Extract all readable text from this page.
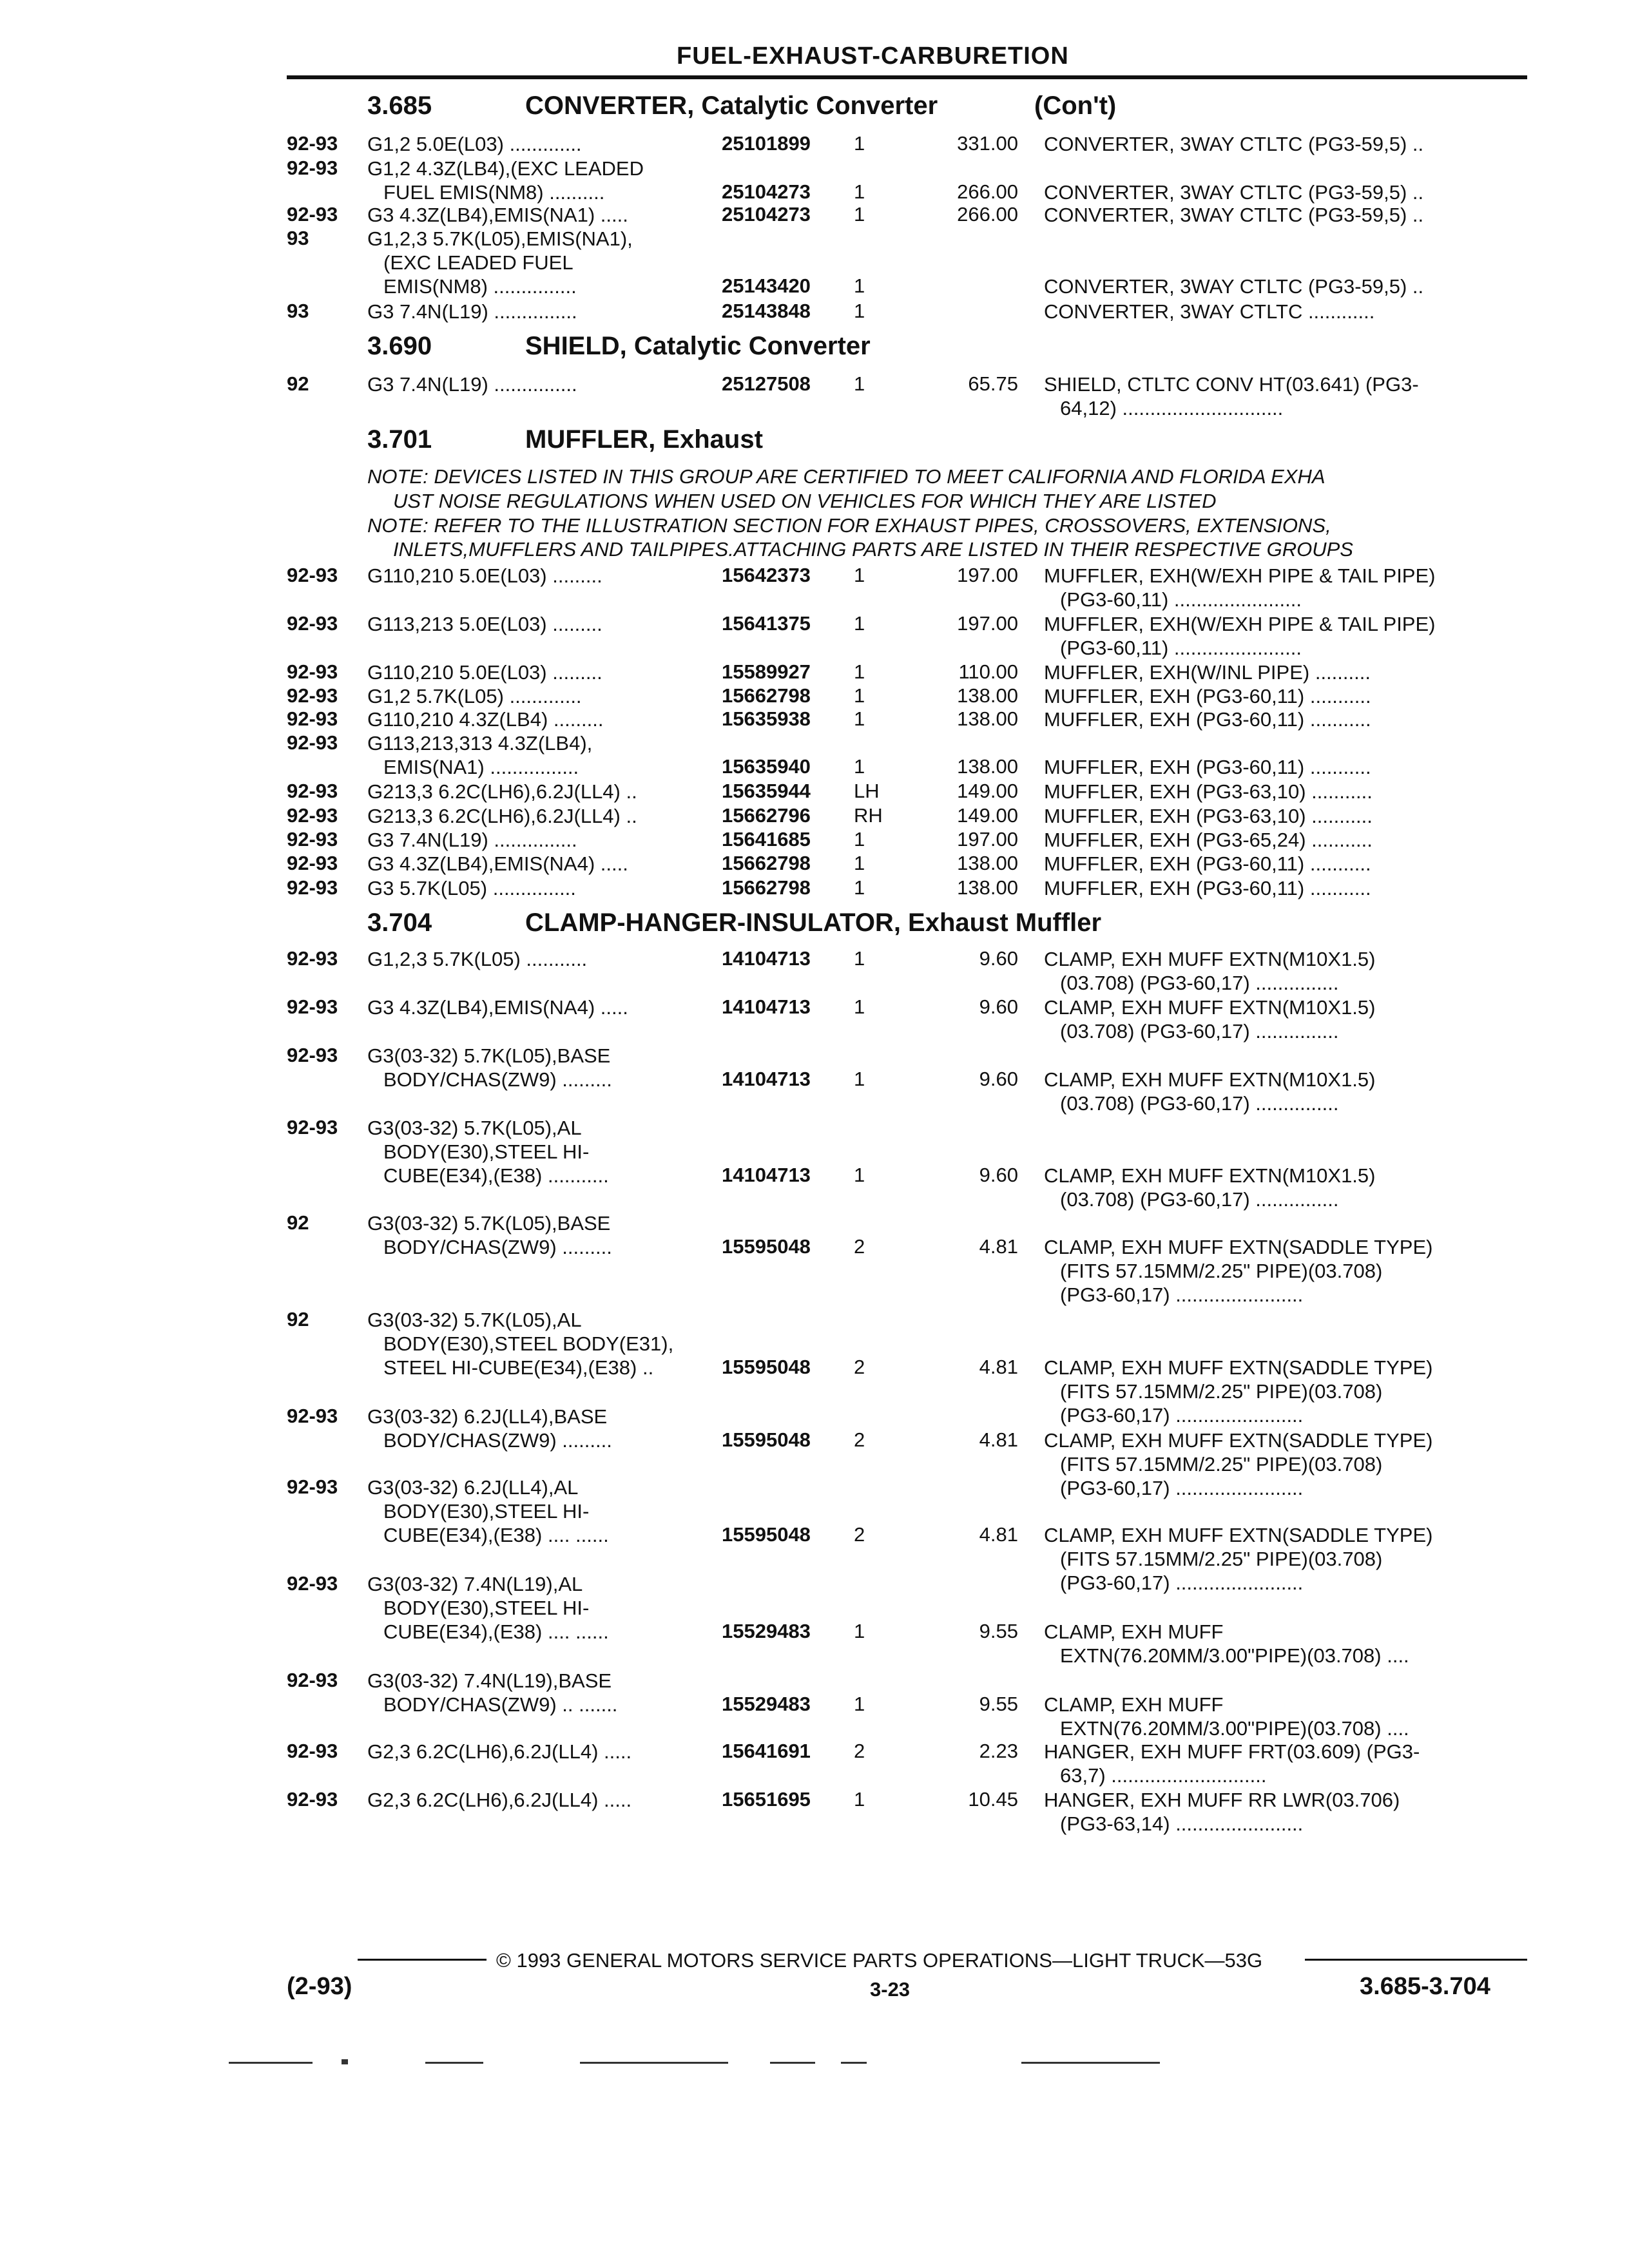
FUEL-EXHAUST-CARBURETION
3.685	CONVERTER, Catalytic Converter	(Con't)
92-93 G1,2 5.0E(L03) .............	25101899 1	331.00 CONVERTER, 3WAY CTLTC (PG3-59,5) ..
92-93 G1,2 4.3Z(LB4),(EXC LEADED
FUEL EMIS(NM8) ..........	25104273 1	266.00 CONVERTER, 3WAY CTLTC (PG3-59,5) ..
92-93 G3 4.3Z(LB4),EMIS(NA1) .....	25104273 1	266.00 CONVERTER, 3WAY CTLTC (PG3-59,5) ..
93	G1,2,3 5.7K(L05),EMIS(NA1),
(EXC LEADED FUEL
EMIS(NM8) ...............	25143420 1	CONVERTER, 3WAY CTLTC (PG3-59,5) ..
93	G3 7.4N(L19) ...............	25143848 1	CONVERTER, 3WAY CTLTC ............
3.690	SHIELD, Catalytic Converter
92	G3 7.4N(L19) ...............	25127508 1	65.75 SHIELD, CTLTC CONV HT(03.641) (PG3-
64,12) .............................
3.701	MUFFLER, Exhaust
NOTE: DEVICES LISTED IN THIS GROUP ARE CERTIFIED TO MEET CALIFORNIA AND FLORIDA EXHA
UST NOISE REGULATIONS WHEN USED ON VEHICLES FOR WHICH THEY ARE LISTED
NOTE: REFER TO THE ILLUSTRATION SECTION FOR EXHAUST PIPES, CROSSOVERS, EXTENSIONS,
INLETS,MUFFLERS AND TAILPIPES.ATTACHING PARTS ARE LISTED IN THEIR RESPECTIVE GROUPS
92-93 G110,210 5.0E(L03) .........	15642373 1	197.00 MUFFLER, EXH(W/EXH PIPE & TAIL PIPE)
(PG3-60,11) .......................
92-93 G113,213 5.0E(L03) .........	15641375 1	197.00 MUFFLER, EXH(W/EXH PIPE & TAIL PIPE)
(PG3-60,11) .......................
92-93 G110,210 5.0E(L03) .........	15589927 1	110.00 MUFFLER, EXH(W/INL PIPE) ..........
92-93 G1,2 5.7K(L05) .............	15662798 1	138.00 MUFFLER, EXH (PG3-60,11) ...........
92-93 G110,210 4.3Z(LB4) .........	15635938 1	138.00 MUFFLER, EXH (PG3-60,11) ...........
92-93 G113,213,313 4.3Z(LB4),
EMIS(NA1) ................	15635940 1	138.00 MUFFLER, EXH (PG3-60,11) ...........
92-93 G213,3 6.2C(LH6),6.2J(LL4) ..	15635944 LH	149.00 MUFFLER, EXH (PG3-63,10) ...........
92-93 G213,3 6.2C(LH6),6.2J(LL4) ..	15662796 RH	149.00 MUFFLER, EXH (PG3-63,10) ...........
92-93 G3 7.4N(L19) ...............	15641685 1	197.00 MUFFLER, EXH (PG3-65,24) ...........
92-93 G3 4.3Z(LB4),EMIS(NA4) .....	15662798 1	138.00 MUFFLER, EXH (PG3-60,11) ...........
92-93 G3 5.7K(L05) ...............	15662798 1	138.00 MUFFLER, EXH (PG3-60,11) ...........
3.704	CLAMP-HANGER-INSULATOR, Exhaust Muffler
92-93 G1,2,3 5.7K(L05) ...........	14104713 1	9.60 CLAMP, EXH MUFF EXTN(M10X1.5)
(03.708) (PG3-60,17) ...............
92-93 G3 4.3Z(LB4),EMIS(NA4) .....	14104713 1	9.60 CLAMP, EXH MUFF EXTN(M10X1.5)
(03.708) (PG3-60,17) ...............
92-93 G3(03-32) 5.7K(L05),BASE
BODY/CHAS(ZW9) .........	14104713 1	9.60 CLAMP, EXH MUFF EXTN(M10X1.5)
(03.708) (PG3-60,17) ...............
92-93 G3(03-32) 5.7K(L05),AL
BODY(E30),STEEL HI-
CUBE(E34),(E38) ...........	14104713 1	9.60 CLAMP, EXH MUFF EXTN(M10X1.5)
(03.708) (PG3-60,17) ...............
92	G3(03-32) 5.7K(L05),BASE
BODY/CHAS(ZW9) .........	15595048 2	4.81 CLAMP, EXH MUFF EXTN(SADDLE TYPE)
(FITS 57.15MM/2.25" PIPE)(03.708)
(PG3-60,17) .......................
92	G3(03-32) 5.7K(L05),AL
BODY(E30),STEEL BODY(E31),
STEEL HI-CUBE(E34),(E38) ..	15595048 2	4.81 CLAMP, EXH MUFF EXTN(SADDLE TYPE)
(FITS 57.15MM/2.25" PIPE)(03.708)
(PG3-60,17) .......................
92-93 G3(03-32) 6.2J(LL4),BASE
BODY/CHAS(ZW9) .........	15595048 2	4.81 CLAMP, EXH MUFF EXTN(SADDLE TYPE)
(FITS 57.15MM/2.25" PIPE)(03.708)
(PG3-60,17) .......................
92-93 G3(03-32) 6.2J(LL4),AL
BODY(E30),STEEL HI-
CUBE(E34),(E38) .... ......	15595048 2	4.81 CLAMP, EXH MUFF EXTN(SADDLE TYPE)
(FITS 57.15MM/2.25" PIPE)(03.708)
(PG3-60,17) .......................
92-93 G3(03-32) 7.4N(L19),AL
BODY(E30),STEEL HI-
CUBE(E34),(E38) .... ......	15529483 1	9.55 CLAMP, EXH MUFF
EXTN(76.20MM/3.00"PIPE)(03.708) ....
92-93 G3(03-32) 7.4N(L19),BASE
BODY/CHAS(ZW9) .. .......	15529483 1	9.55 CLAMP, EXH MUFF
EXTN(76.20MM/3.00"PIPE)(03.708) ....
92-93 G2,3 6.2C(LH6),6.2J(LL4) .....	15641691 2	2.23 HANGER, EXH MUFF FRT(03.609) (PG3-
63,7) ............................
92-93 G2,3 6.2C(LH6),6.2J(LL4) .....	15651695 1	10.45 HANGER, EXH MUFF RR LWR(03.706)
(PG3-63,14) .......................
© 1993 GENERAL MOTORS SERVICE PARTS OPERATIONS—LIGHT TRUCK—53G
(2-93)	3-23	3.685-3.704
